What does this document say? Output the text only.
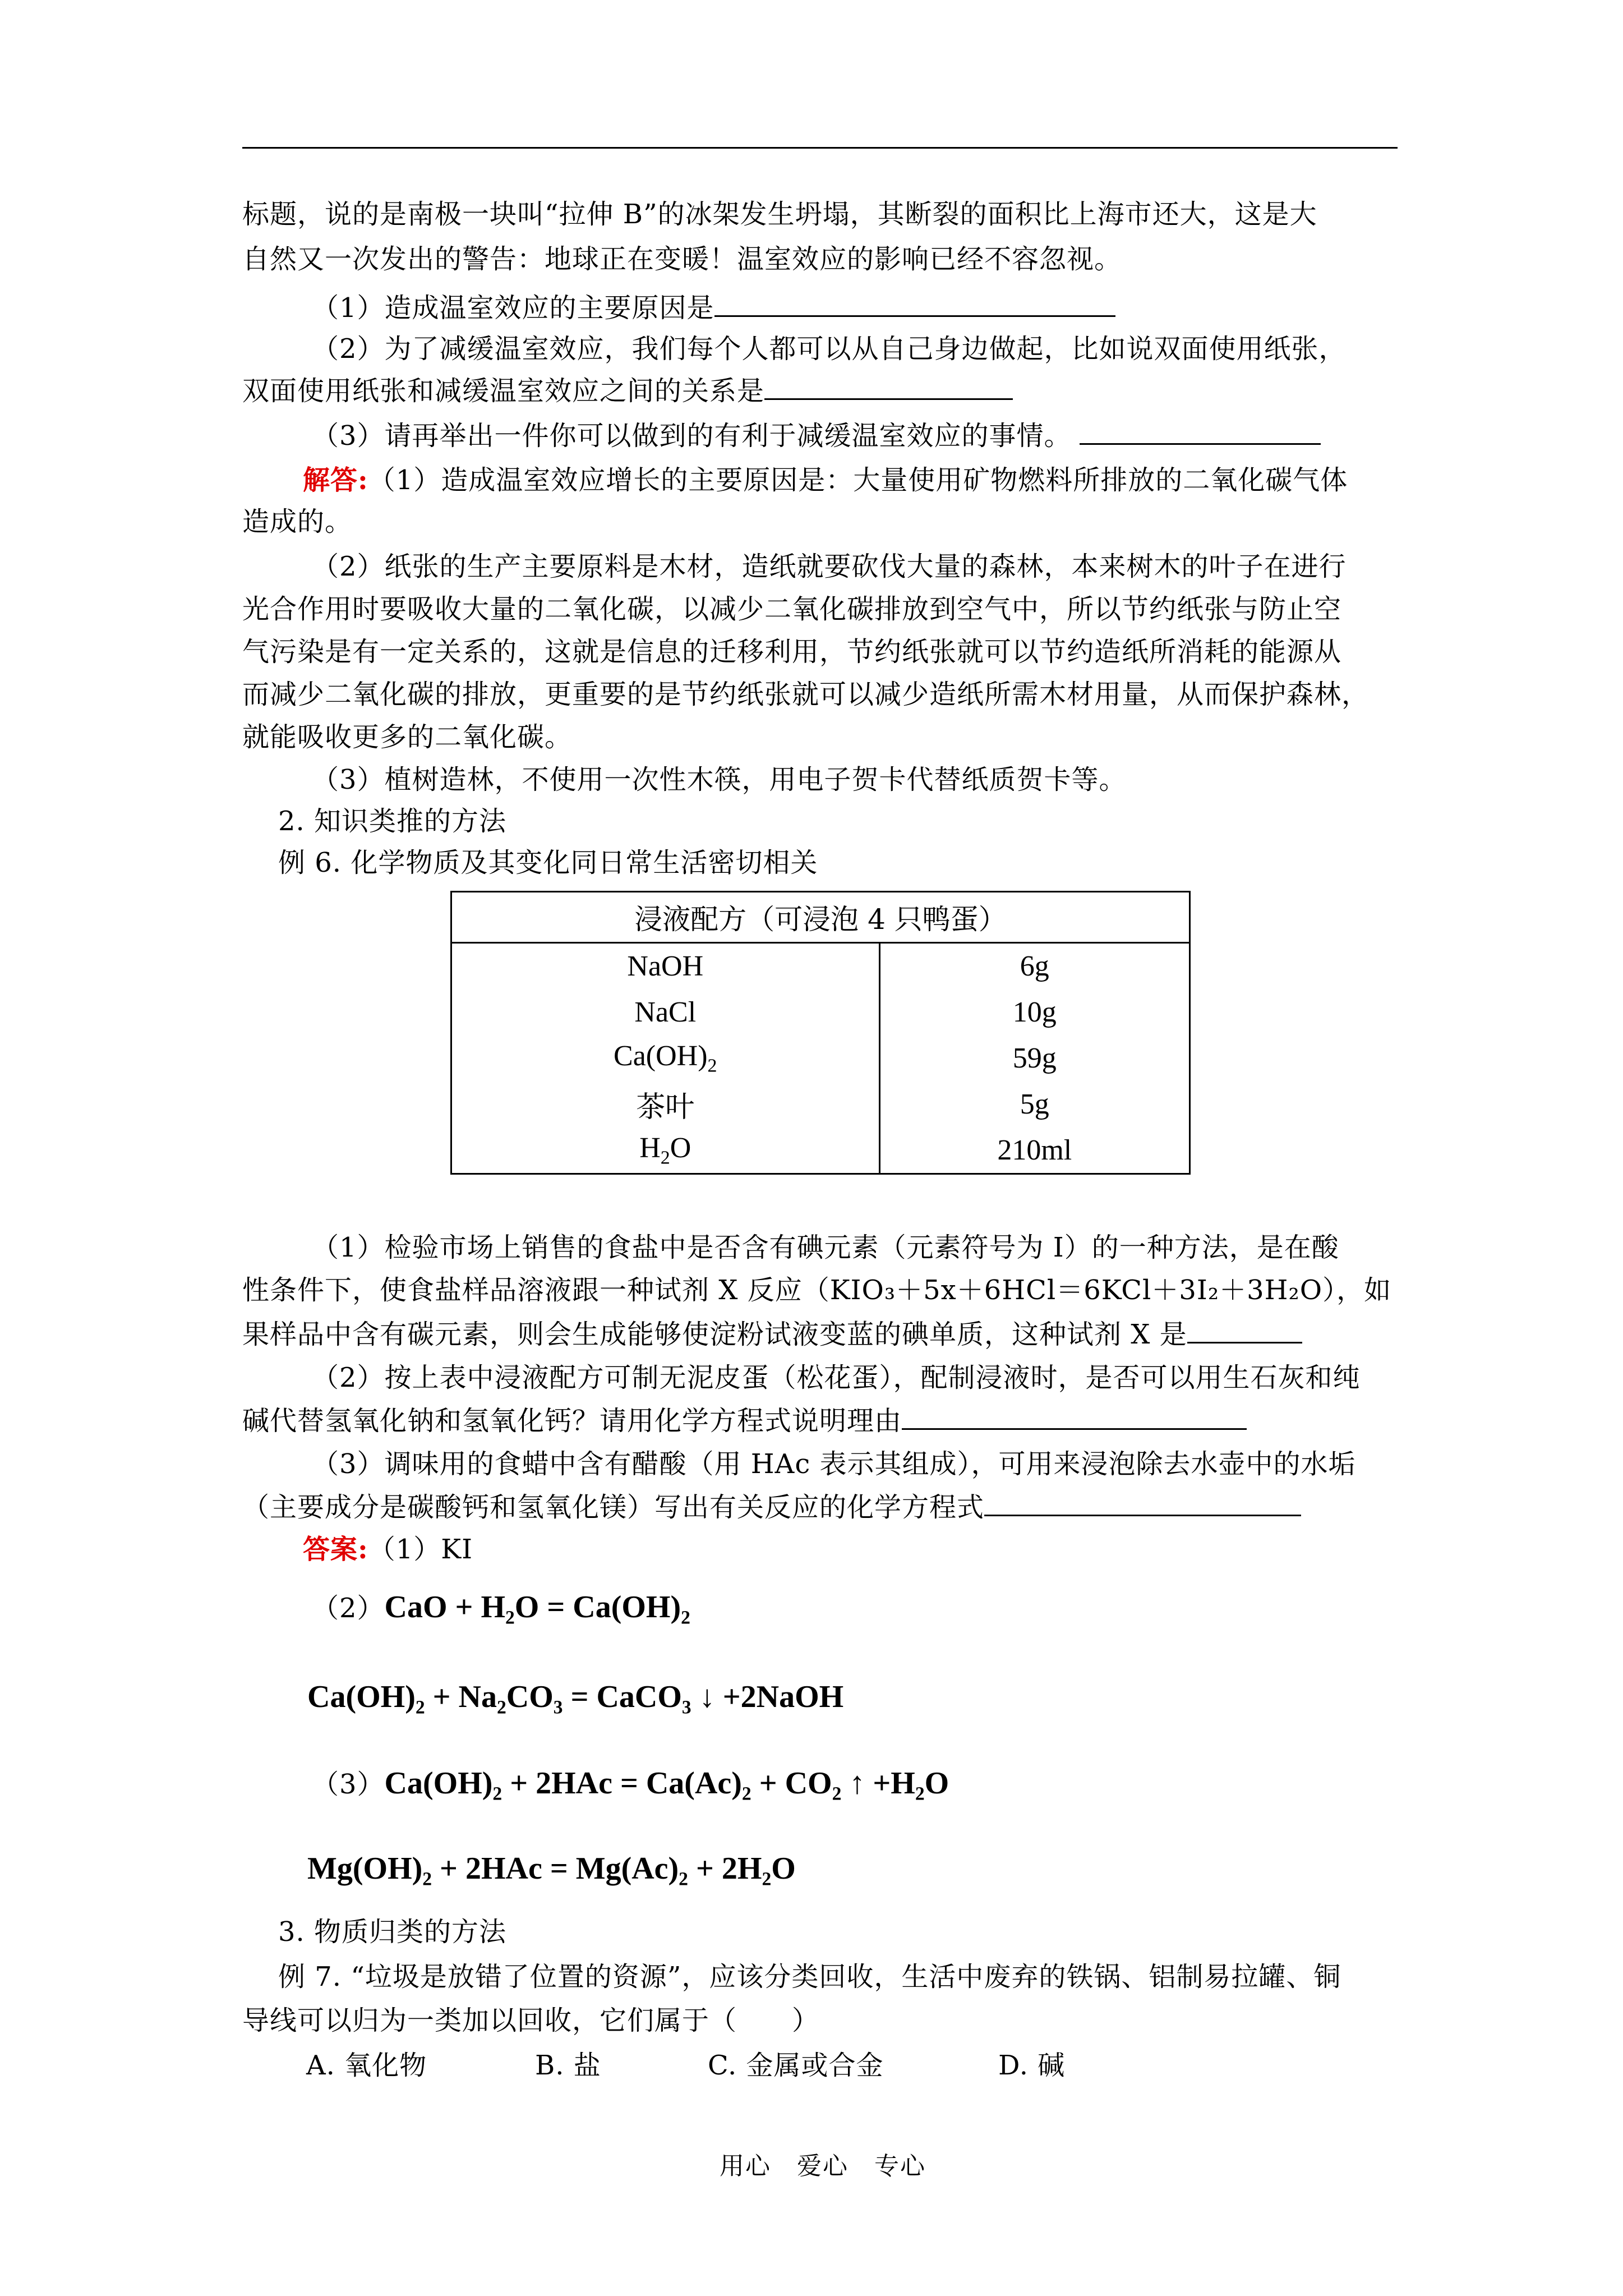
标题，说的是南极一块叫“拉伸 B”的冰架发生坍塌，其断裂的面积比上海市还大，这是大
自然又一次发出的警告：地球正在变暖！温室效应的影响已经不容忽视。
（1）造成温室效应的主要原因是
（2）为了减缓温室效应，我们每个人都可以从自己身边做起，比如说双面使用纸张，
双面使用纸张和减缓温室效应之间的关系是
（3）请再举出一件你可以做到的有利于减缓温室效应的事情。
解答:（1）造成温室效应增长的主要原因是：大量使用矿物燃料所排放的二氧化碳气体
造成的。
（2）纸张的生产主要原料是木材，造纸就要砍伐大量的森林，本来树木的叶子在进行
光合作用时要吸收大量的二氧化碳，以减少二氧化碳排放到空气中，所以节约纸张与防止空
气污染是有一定关系的，这就是信息的迁移利用，节约纸张就可以节约造纸所消耗的能源从
而减少二氧化碳的排放，更重要的是节约纸张就可以减少造纸所需木材用量，从而保护森林，
就能吸收更多的二氧化碳。
（3）植树造林，不使用一次性木筷，用电子贺卡代替纸质贺卡等。
2. 知识类推的方法
例 6. 化学物质及其变化同日常生活密切相关
浸液配方（可浸泡 4 只鸭蛋）	
NaOH	6g
NaCl	10g
$Ca(OH)_2$	59g
茶叶	5g
$H_2O$	210ml
（1）检验市场上销售的食盐中是否含有碘元素（元素符号为 I）的一种方法，是在酸
性条件下，使食盐样品溶液跟一种试剂 X 反应（KIO₃＋5x＋6HCl＝6KCl＋3I₂＋3H₂O），如
果样品中含有碳元素，则会生成能够使淀粉试液变蓝的碘单质，这种试剂 X 是
（2）按上表中浸液配方可制无泥皮蛋（松花蛋），配制浸液时，是否可以用生石灰和纯
碱代替氢氧化钠和氢氧化钙？请用化学方程式说明理由
（3）调味用的食蜡中含有醋酸（用 HAc 表示其组成），可用来浸泡除去水壶中的水垢
（主要成分是碳酸钙和氢氧化镁）写出有关反应的化学方程式
答案:（1）KI
（2）CaO + H₂O = Ca(OH)₂
Ca(OH)₂ + Na₂CO₃ = CaCO₃ ↓ +2NaOH
（3）Ca(OH)₂ + 2HAc = Ca(Ac)₂ + CO₂ ↑ +H₂O
Mg(OH)₂ + 2HAc = Mg(Ac)₂ + 2H₂O
3. 物质归类的方法
例 7. “垃圾是放错了位置的资源”，应该分类回收，生活中废弃的铁锅、铝制易拉罐、铜
导线可以归为一类加以回收，它们属于（　　）
A. 氧化物	B. 盐	C. 金属或合金	D. 碱
用心　爱心　专心
